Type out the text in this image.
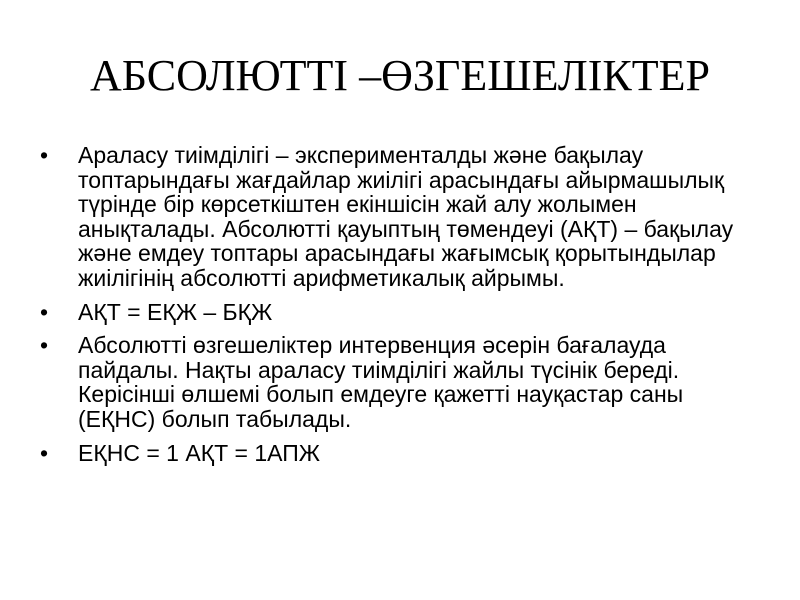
АБСОЛЮТТІ –ӨЗГЕШЕЛІКТЕР
•	Араласу тиімділігі – эксперименталды және бақылау топтарындағы жағдайлар жиілігі арасындағы айырмашылық түрінде бір көрсеткіштен екіншісін жай алу жолымен анықталады. Абсолютті қауыптың төмендеуі (АҚТ) – бақылау және емдеу топтары арасындағы жағымсық қорытындылар жиілігінің абсолютті арифметикалық айрымы.
•	АҚТ = ЕҚЖ – БҚЖ
•	Абсолютті өзгешеліктер интервенция әсерін бағалауда пайдалы. Нақты араласу тиімділігі жайлы түсінік береді. Керісінші өлшемі болып емдеуге қажетті науқастар саны (ЕҚНС) болып табылады.
•	ЕҚНС = 1 АҚТ = 1АПЖ
